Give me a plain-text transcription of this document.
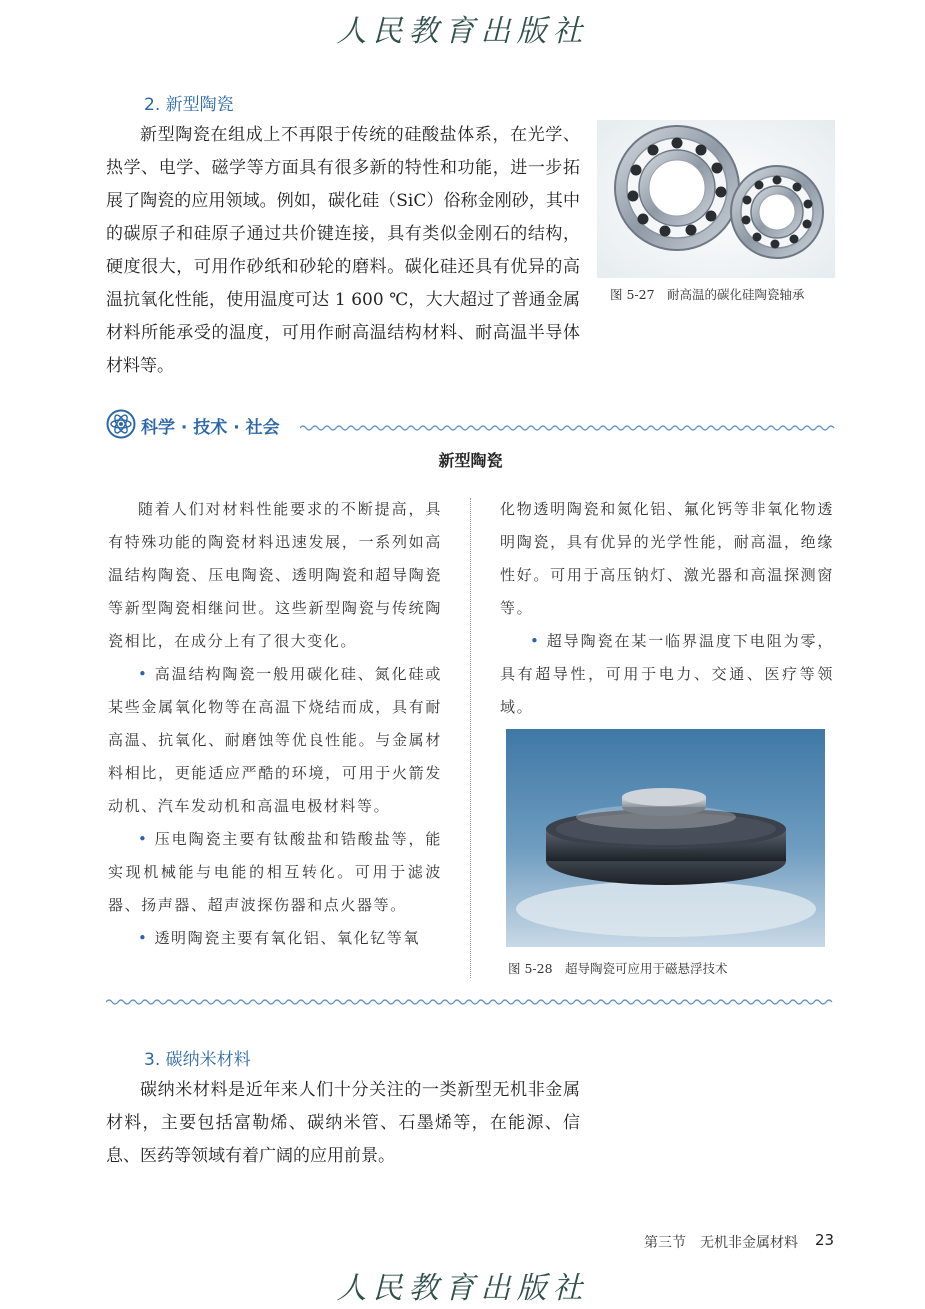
人民教育出版社
2. 新型陶瓷

新型陶瓷在组成上不再限于传统的硅酸盐体系，在光学、热学、电学、磁学等方面具有很多新的特性和功能，进一步拓展了陶瓷的应用领域。例如，碳化硅（SiC）俗称金刚砂，其中的碳原子和硅原子通过共价键连接，具有类似金刚石的结构，硬度很大，可用作砂纸和砂轮的磨料。碳化硅还具有优异的高温抗氧化性能，使用温度可达 1 600 ℃，大大超过了普通金属材料所能承受的温度，可用作耐高温结构材料、耐高温半导体材料等。

图 5-27　耐高温的碳化硅陶瓷轴承
科学 · 技术 · 社会
新型陶瓷

随着人们对材料性能要求的不断提高，具有特殊功能的陶瓷材料迅速发展，一系列如高温结构陶瓷、压电陶瓷、透明陶瓷和超导陶瓷等新型陶瓷相继问世。这些新型陶瓷与传统陶瓷相比，在成分上有了很大变化。

• 高温结构陶瓷一般用碳化硅、氮化硅或某些金属氧化物等在高温下烧结而成，具有耐高温、抗氧化、耐磨蚀等优良性能。与金属材料相比，更能适应严酷的环境，可用于火箭发动机、汽车发动机和高温电极材料等。

• 压电陶瓷主要有钛酸盐和锆酸盐等，能实现机械能与电能的相互转化。可用于滤波器、扬声器、超声波探伤器和点火器等。

• 透明陶瓷主要有氧化铝、氧化钇等氧

化物透明陶瓷和氮化铝、氟化钙等非氧化物透明陶瓷，具有优异的光学性能，耐高温，绝缘性好。可用于高压钠灯、激光器和高温探测窗等。

• 超导陶瓷在某一临界温度下电阻为零，具有超导性，可用于电力、交通、医疗等领域。

图 5-28　超导陶瓷可应用于磁悬浮技术
3. 碳纳米材料

碳纳米材料是近年来人们十分关注的一类新型无机非金属材料，主要包括富勒烯、碳纳米管、石墨烯等，在能源、信息、医药等领域有着广阔的应用前景。

第三节　无机非金属材料 23
人民教育出版社
